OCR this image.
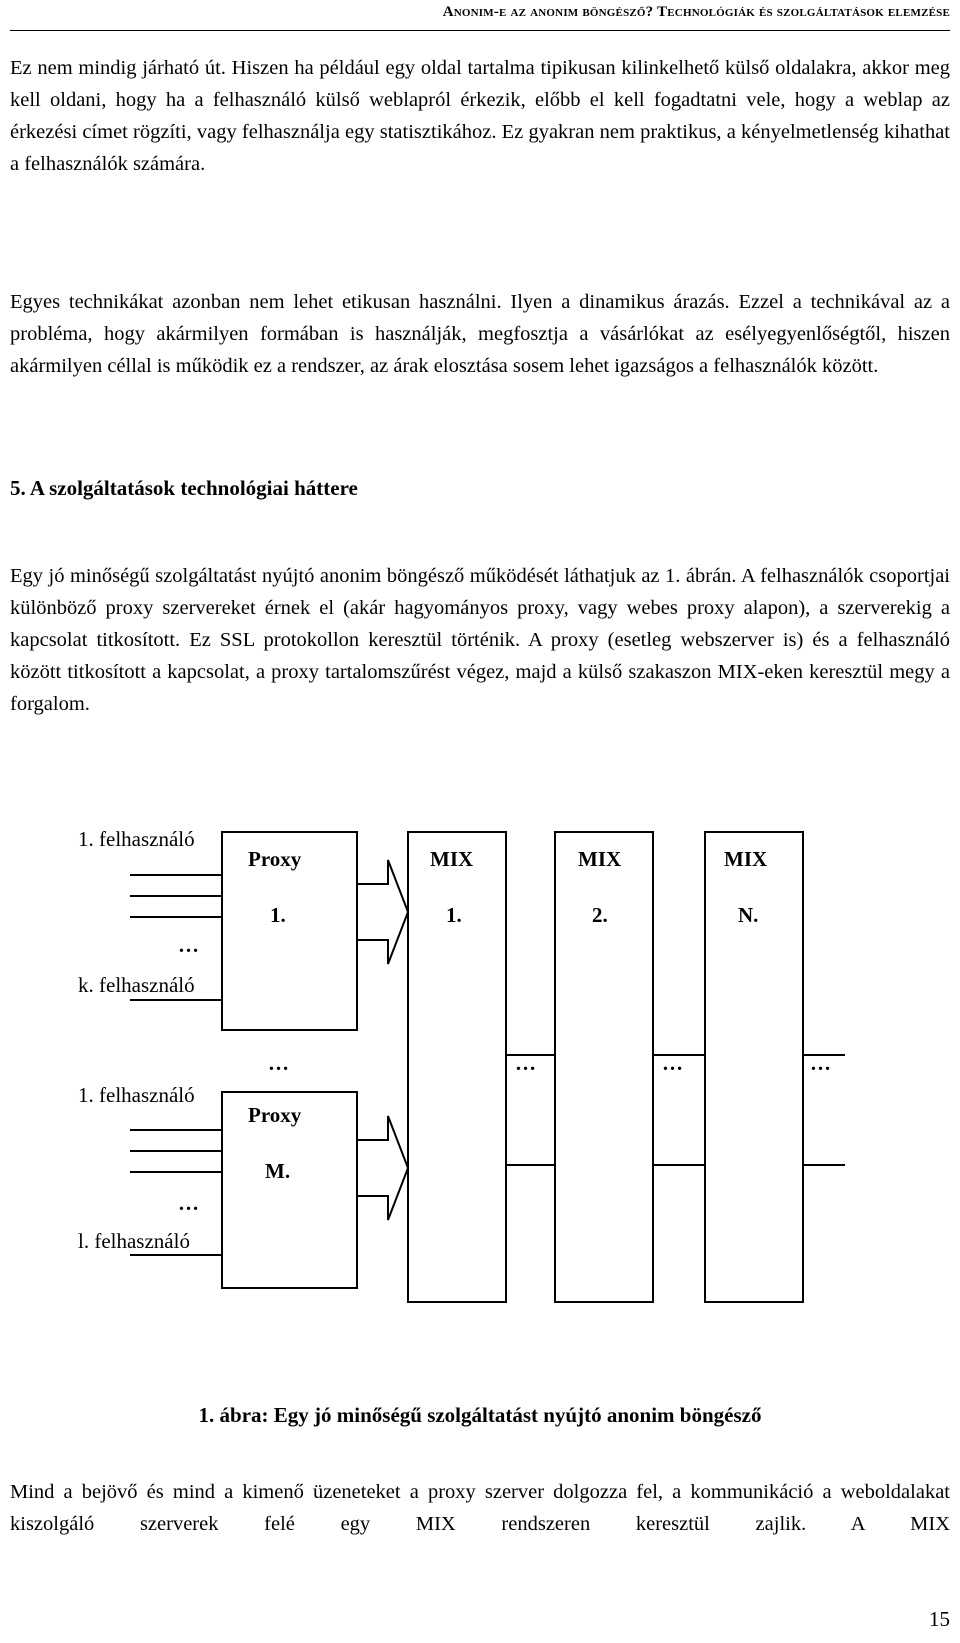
Anonim-e az anonim böngésző? Technológiák és szolgáltatások elemzése

Ez nem mindig járható út. Hiszen ha például egy oldal tartalma tipikusan kilinkelhető külső oldalakra, akkor meg kell oldani, hogy ha a felhasználó külső weblapról érkezik, előbb el kell fogadtatni vele, hogy a weblap az érkezési címet rögzíti, vagy felhasználja egy statisztikához. Ez gyakran nem praktikus, a kényelmetlenség kihathat a felhasználók számára.

Egyes technikákat azonban nem lehet etikusan használni. Ilyen a dinamikus árazás. Ezzel a technikával az a probléma, hogy akármilyen formában is használják, megfosztja a vásárlókat az esélyegyenlőségtől, hiszen akármilyen céllal is működik ez a rendszer, az árak elosztása sosem lehet igazságos a felhasználók között.

5. A szolgáltatások technológiai háttere

Egy jó minőségű szolgáltatást nyújtó anonim böngésző működését láthatjuk az 1. ábrán. A felhasználók csoportjai különböző proxy szervereket érnek el (akár hagyományos proxy, vagy webes proxy alapon), a szerverekig a kapcsolat titkosított. Ez SSL protokollon keresztül történik. A proxy (esetleg webszerver is) és a felhasználó között titkosított a kapcsolat, a proxy tartalomszűrést végez, majd a külső szakaszon MIX-eken keresztül megy a forgalom.

1. felhasználó
…
k. felhasználó
Proxy
1.
MIX
1.
MIX
2.
MIX
N.
…	…	…	…
1. felhasználó
…
l. felhasználó
Proxy
M.

1. ábra: Egy jó minőségű szolgáltatást nyújtó anonim böngésző

Mind a bejövő és mind a kimenő üzeneteket a proxy szerver dolgozza fel, a kommunikáció a weboldalakat kiszolgáló szerverek felé egy MIX rendszeren keresztül zajlik. A MIX

15
